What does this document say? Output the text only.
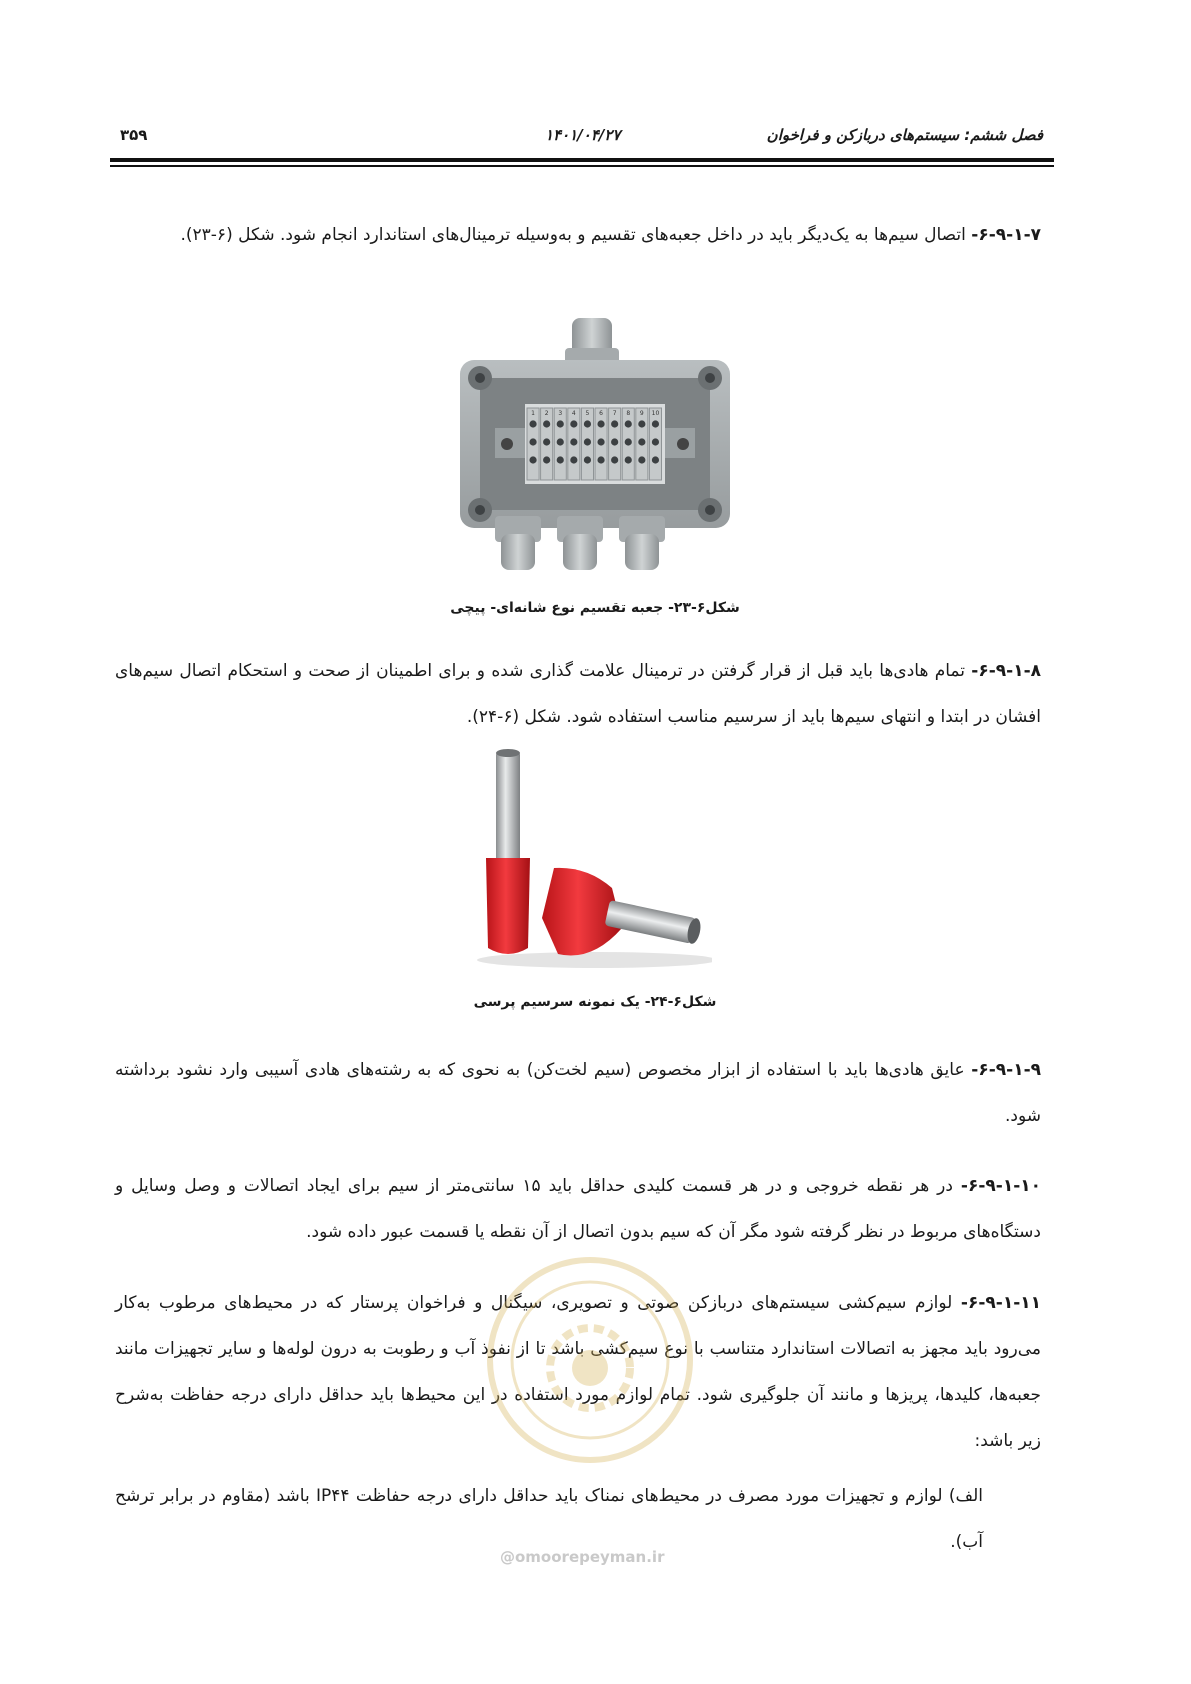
فصل ششم: سیستم‌های دربازکن و فراخوان
۱۴۰۱/۰۴/۲۷
۳۵۹
۶-۹-۱-۷- اتصال سیم‌ها به یک‌دیگر باید در داخل جعبه‌های تقسیم و به‌وسیله ترمینال‌های استاندارد انجام شود. شکل (۶-۲۳).
1 2 3 4 5 6 7 8 9 10
شکل۶-۲۳- جعبه تقسیم نوع شانه‌ای- پیچی
۶-۹-۱-۸- تمام هادی‌ها باید قبل از قرار گرفتن در ترمینال علامت گذاری شده و برای اطمینان از صحت و استحکام اتصال سیم‌های افشان در ابتدا و انتهای سیم‌ها باید از سرسیم مناسب استفاده شود. شکل (۶-۲۴).
شکل۶-۲۴- یک نمونه سرسیم پرسی
۶-۹-۱-۹- عایق هادی‌ها باید با استفاده از ابزار مخصوص (سیم لخت‌کن) به نحوی که به رشته‌های هادی آسیبی وارد نشود برداشته شود.
۶-۹-۱-۱۰- در هر نقطه خروجی و در هر قسمت کلیدی حداقل باید ۱۵ سانتی‌متر از سیم برای ایجاد اتصالات و وصل وسایل و دستگاه‌های مربوط در نظر گرفته شود مگر آن که سیم بدون اتصال از آن نقطه یا قسمت عبور داده شود.
۶-۹-۱-۱۱- لوازم سیم‌کشی سیستم‌های دربازکن صوتی و تصویری، سیگنال و فراخوان پرستار که در محیط‌های مرطوب به‌کار می‌رود باید مجهز به اتصالات استاندارد متناسب با نوع سیم‌کشی باشد تا از نفوذ آب و رطوبت به درون لوله‌ها و سایر تجهیزات مانند جعبه‌ها، کلیدها، پریزها و مانند آن جلوگیری شود. تمام لوازم مورد استفاده در این محیط‌ها باید حداقل دارای درجه حفاظت به‌شرح زیر باشد:
الف) لوازم و تجهیزات مورد مصرف در محیط‌های نمناک باید حداقل دارای درجه حفاظت IP۴۴ باشد (مقاوم در برابر ترشح آب).
@omoorepeyman.ir
